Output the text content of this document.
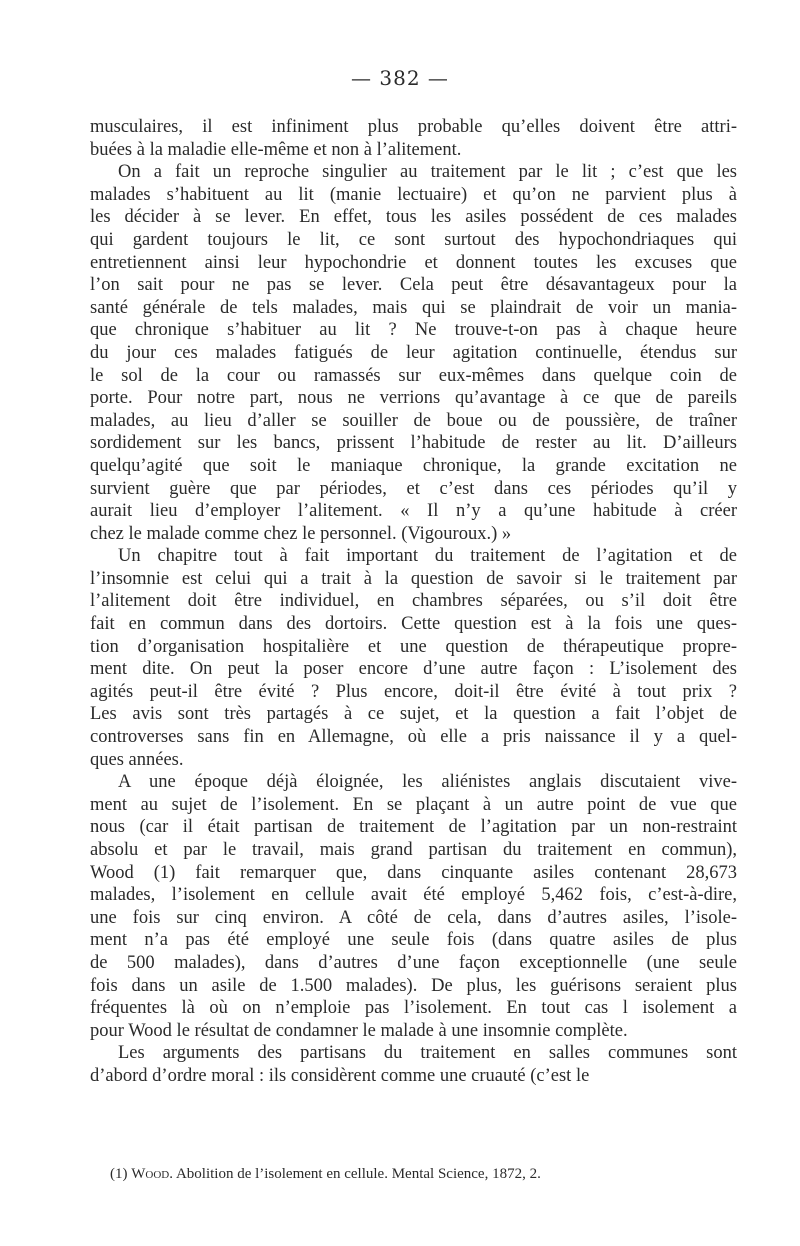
— 382 —
musculaires, il est infiniment plus probable qu’elles doivent être attri-
buées à la maladie elle-même et non à l’alitement.
On a fait un reproche singulier au traitement par le lit ; c’est que les
malades s’habituent au lit (manie lectuaire) et qu’on ne parvient plus à
les décider à se lever. En effet, tous les asiles possédent de ces malades
qui gardent toujours le lit, ce sont surtout des hypochondriaques qui
entretiennent ainsi leur hypochondrie et donnent toutes les excuses que
l’on sait pour ne pas se lever. Cela peut être désavantageux pour la
santé générale de tels malades, mais qui se plaindrait de voir un mania-
que chronique s’habituer au lit ? Ne trouve-t-on pas à chaque heure
du jour ces malades fatigués de leur agitation continuelle, étendus sur
le sol de la cour ou ramassés sur eux-mêmes dans quelque coin de
porte. Pour notre part, nous ne verrions qu’avantage à ce que de pareils
malades, au lieu d’aller se souiller de boue ou de poussière, de traîner
sordidement sur les bancs, prissent l’habitude de rester au lit. D’ailleurs
quelqu’agité que soit le maniaque chronique, la grande excitation ne
survient guère que par périodes, et c’est dans ces périodes qu’il y
aurait lieu d’employer l’alitement. « Il n’y a qu’une habitude à créer
chez le malade comme chez le personnel. (Vigouroux.) »
Un chapitre tout à fait important du traitement de l’agitation et de
l’insomnie est celui qui a trait à la question de savoir si le traitement par
l’alitement doit être individuel, en chambres séparées, ou s’il doit être
fait en commun dans des dortoirs. Cette question est à la fois une ques-
tion d’organisation hospitalière et une question de thérapeutique propre-
ment dite. On peut la poser encore d’une autre façon : L’isolement des
agités peut-il être évité ? Plus encore, doit-il être évité à tout prix ?
Les avis sont très partagés à ce sujet, et la question a fait l’objet de
controverses sans fin en Allemagne, où elle a pris naissance il y a quel-
ques années.
A une époque déjà éloignée, les aliénistes anglais discutaient vive-
ment au sujet de l’isolement. En se plaçant à un autre point de vue que
nous (car il était partisan de traitement de l’agitation par un non-restraint
absolu et par le travail, mais grand partisan du traitement en commun),
Wood (1) fait remarquer que, dans cinquante asiles contenant 28,673
malades, l’isolement en cellule avait été employé 5,462 fois, c’est-à-dire,
une fois sur cinq environ. A côté de cela, dans d’autres asiles, l’isole-
ment n’a pas été employé une seule fois (dans quatre asiles de plus
de 500 malades), dans d’autres d’une façon exceptionnelle (une seule
fois dans un asile de 1.500 malades). De plus, les guérisons seraient plus
fréquentes là où on n’emploie pas l’isolement. En tout cas l isolement a
pour Wood le résultat de condamner le malade à une insomnie complète.
Les arguments des partisans du traitement en salles communes sont
d’abord d’ordre moral : ils considèrent comme une cruauté (c’est le
(1) Wood. Abolition de l’isolement en cellule. Mental Science, 1872, 2.
